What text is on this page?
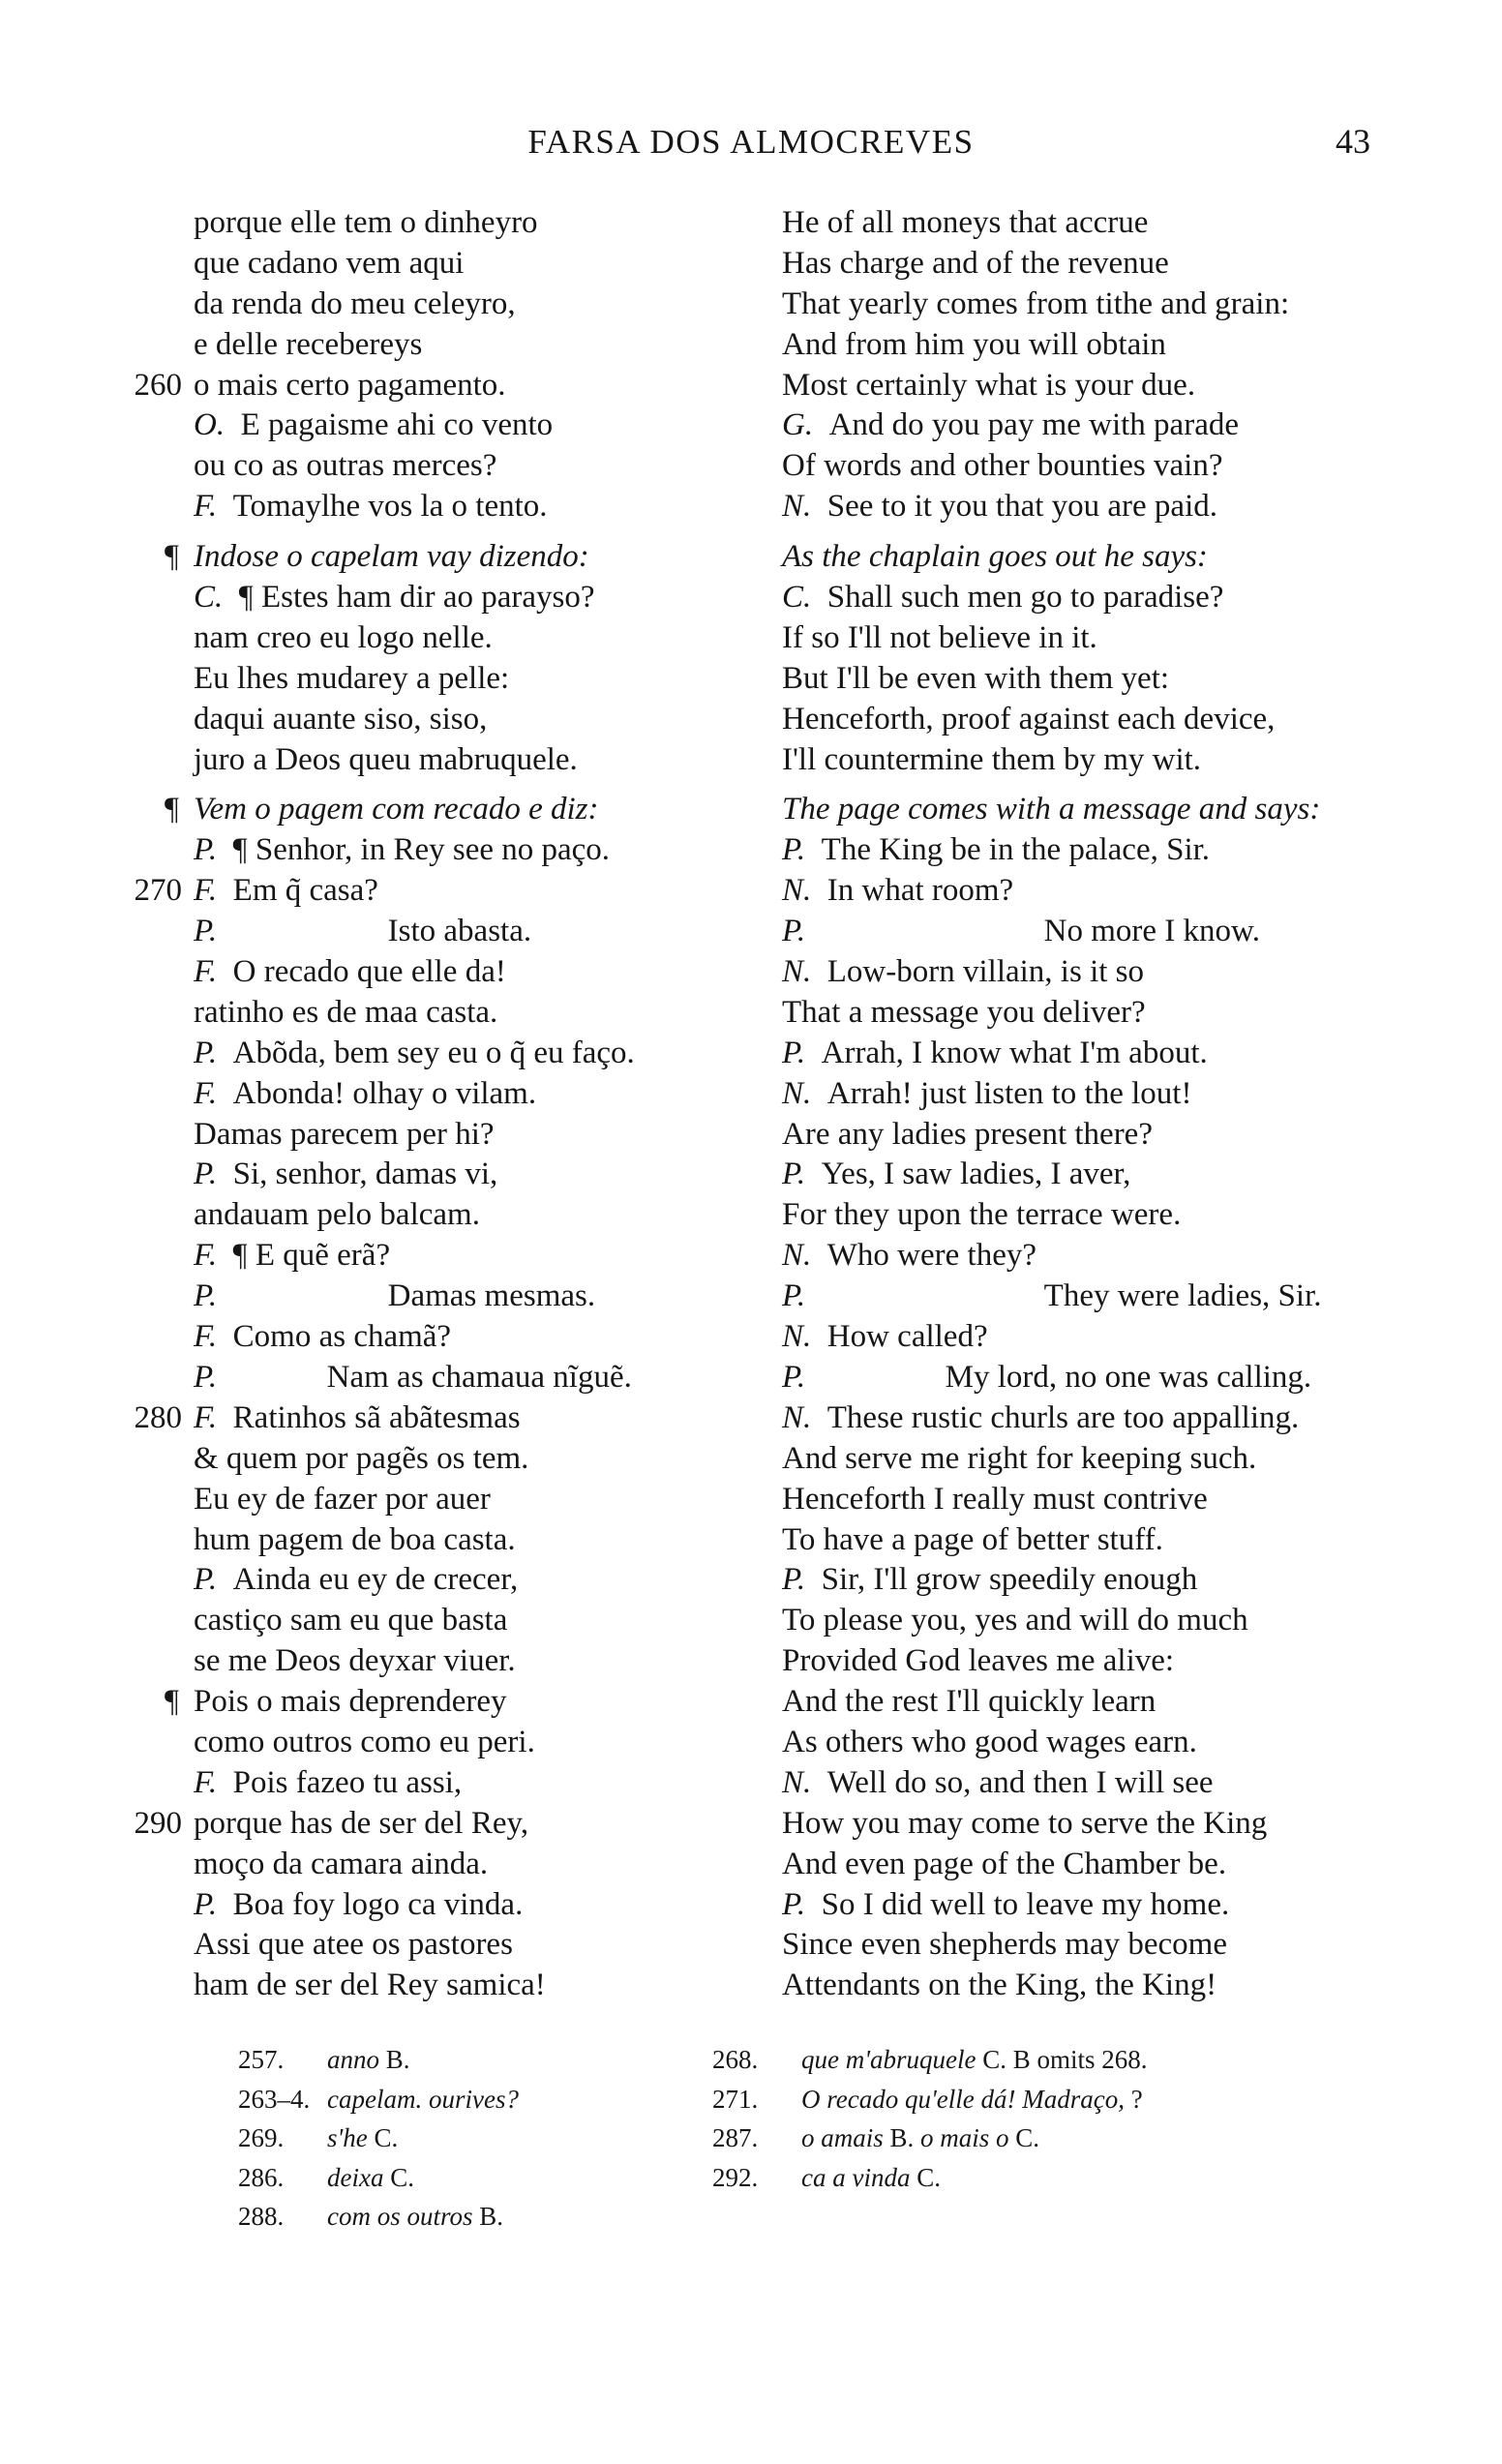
FARSA DOS ALMOCREVES	43
porque elle tem o dinheyro
que cadano vem aqui
da renda do meu celeyro,
e delle recebereys
260 o mais certo pagamento.
O.  E pagaisme ahi co vento
ou co as outras merces?
F.  Tomaylhe vos la o tento.
¶ Indose o capelam vay dizendo:
C.  ¶ Estes ham dir ao parayso?
nam creo eu logo nelle.
Eu lhes mudarey a pelle:
daqui auante siso, siso,
juro a Deos queu mabruquele.
¶ Vem o pagem com recado e diz:
P.  ¶ Senhor, in Rey see no paço.
270 F.  Em q̃ casa?
P. 	Isto abasta.
F.  O recado que elle da!
ratinho es de maa casta.
P.  Abõda, bem sey eu o q̃ eu faço.
F.  Abonda! olhay o vilam.
Damas parecem per hi?
P.  Si, senhor, damas vi,
andauam pelo balcam.
F.  ¶ E quẽ erã?
P. 	Damas mesmas.
F.  Como as chamã?
P. 	Nam as chamaua nĩguẽ.
280 F.  Ratinhos sã abãtesmas
& quem por pagẽs os tem.
Eu ey de fazer por auer
hum pagem de boa casta.
P.  Ainda eu ey de crecer,
castiço sam eu que basta
se me Deos deyxar viuer.
¶ Pois o mais deprenderey
como outros como eu peri.
F.  Pois fazeo tu assi,
290 porque has de ser del Rey,
moço da camara ainda.
P.  Boa foy logo ca vinda.
Assi que atee os pastores
ham de ser del Rey samica!
He of all moneys that accrue
Has charge and of the revenue
That yearly comes from tithe and grain:
And from him you will obtain
Most certainly what is your due.
G.  And do you pay me with parade
Of words and other bounties vain?
N.  See to it you that you are paid.
As the chaplain goes out he says:
C.  Shall such men go to paradise?
If so I'll not believe in it.
But I'll be even with them yet:
Henceforth, proof against each device,
I'll countermine them by my wit.
The page comes with a message and says:
P.  The King be in the palace, Sir.
N.  In what room?
P. 	No more I know.
N.  Low-born villain, is it so
That a message you deliver?
P.  Arrah, I know what I'm about.
N.  Arrah! just listen to the lout!
Are any ladies present there?
P.  Yes, I saw ladies, I aver,
For they upon the terrace were.
N.  Who were they?
P. 	They were ladies, Sir.
N.  How called?
P. 	My lord, no one was calling.
N.  These rustic churls are too appalling.
And serve me right for keeping such.
Henceforth I really must contrive
To have a page of better stuff.
P.  Sir, I'll grow speedily enough
To please you, yes and will do much
Provided God leaves me alive:
And the rest I'll quickly learn
As others who good wages earn.
N.  Well do so, and then I will see
How you may come to serve the King
And even page of the Chamber be.
P.  So I did well to leave my home.
Since even shepherds may become
Attendants on the King, the King!
257. anno B.
263–4. capelam. ourives?
269. s'he C.
286. deixa C.
288. com os outros B.
268. que m'abruquele C. B omits 268.
271. O recado qu'elle dá! Madraço, ?
287. o amais B. o mais o C.
292. ca a vinda C.
